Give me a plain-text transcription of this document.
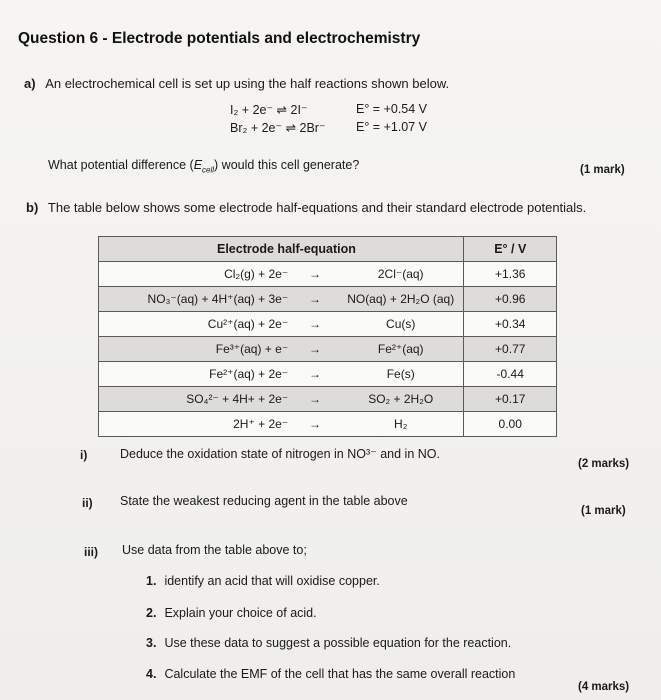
Question 6 - Electrode potentials and electrochemistry
a) An electrochemical cell is set up using the half reactions shown below.
I₂ + 2e⁻ ⇌ 2I⁻	E° = +0.54 V
Br₂ + 2e⁻ ⇌ 2Br⁻ E° = +1.07 V
What potential difference $(E_{cell})$ would this cell generate?	(1 mark)
b) The table below shows some electrode half-equations and their standard electrode potentials.
Electrode half-equation			E° / V
Cl₂(g) + 2e⁻	→	2Cl⁻(aq)	+1.36
NO₃⁻(aq) + 4H⁺(aq) + 3e⁻	→	NO(aq) + 2H₂O (aq)	+0.96
Cu²⁺(aq) + 2e⁻	→	Cu(s)	+0.34
Fe³⁺(aq) + e⁻	→	Fe²⁺(aq)	+0.77
Fe²⁺(aq) + 2e⁻	→	Fe(s)	-0.44
SO₄²⁻ + 4H+ + 2e⁻	→	SO₂ + 2H₂O	+0.17
2H⁺ + 2e⁻	→	H₂	0.00
i)	Deduce the oxidation state of nitrogen in NO³⁻ and in NO.
(2 marks)
ii) State the weakest reducing agent in the table above
(1 mark)
iii) Use data from the table above to;
1. identify an acid that will oxidise copper.
2. Explain your choice of acid.
3. Use these data to suggest a possible equation for the reaction.
4. Calculate the EMF of the cell that has the same overall reaction
(4 marks)
